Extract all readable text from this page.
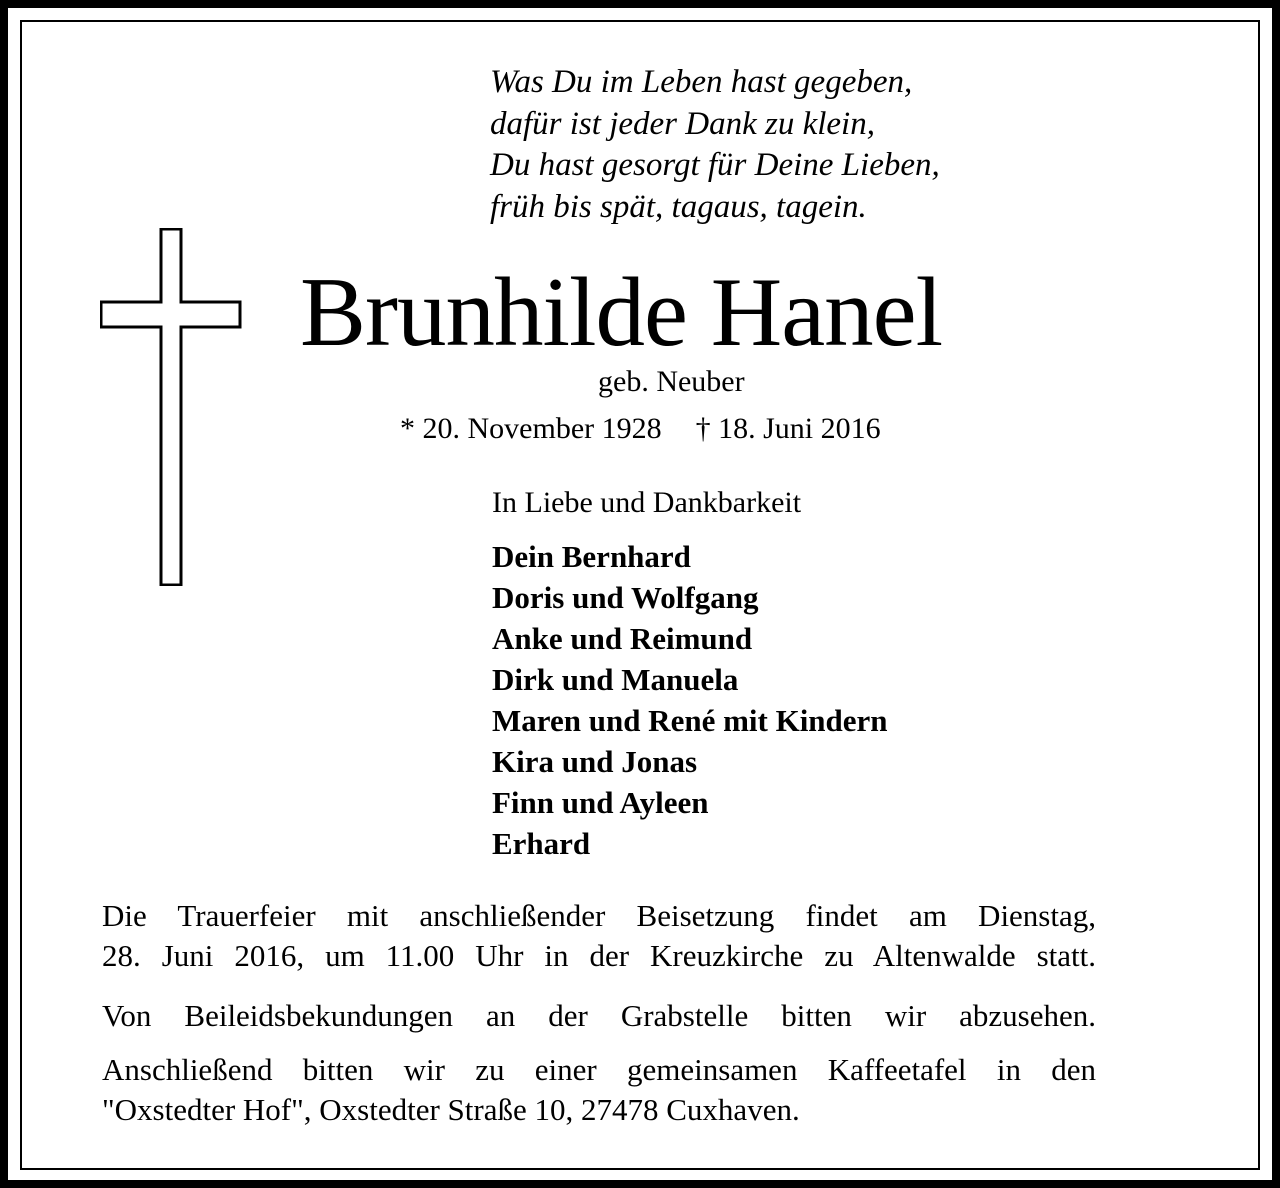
Was Du im Leben hast gegeben,
dafür ist jeder Dank zu klein,
Du hast gesorgt für Deine Lieben,
früh bis spät, tagaus, tagein.
Brunhilde Hanel
geb. Neuber
* 20. November 1928 † 18. Juni 2016
In Liebe und Dankbarkeit
Dein Bernhard
Doris und Wolfgang
Anke und Reimund
Dirk und Manuela
Maren und René mit Kindern
Kira und Jonas
Finn und Ayleen
Erhard
Die Trauerfeier mit anschließender Beisetzung findet am Dienstag,
28. Juni 2016, um 11.00 Uhr in der Kreuzkirche zu Altenwalde statt.
Von Beileidsbekundungen an der Grabstelle bitten wir abzusehen.
Anschließend bitten wir zu einer gemeinsamen Kaffeetafel in den
"Oxstedter Hof", Oxstedter Straße 10, 27478 Cuxhaven.
